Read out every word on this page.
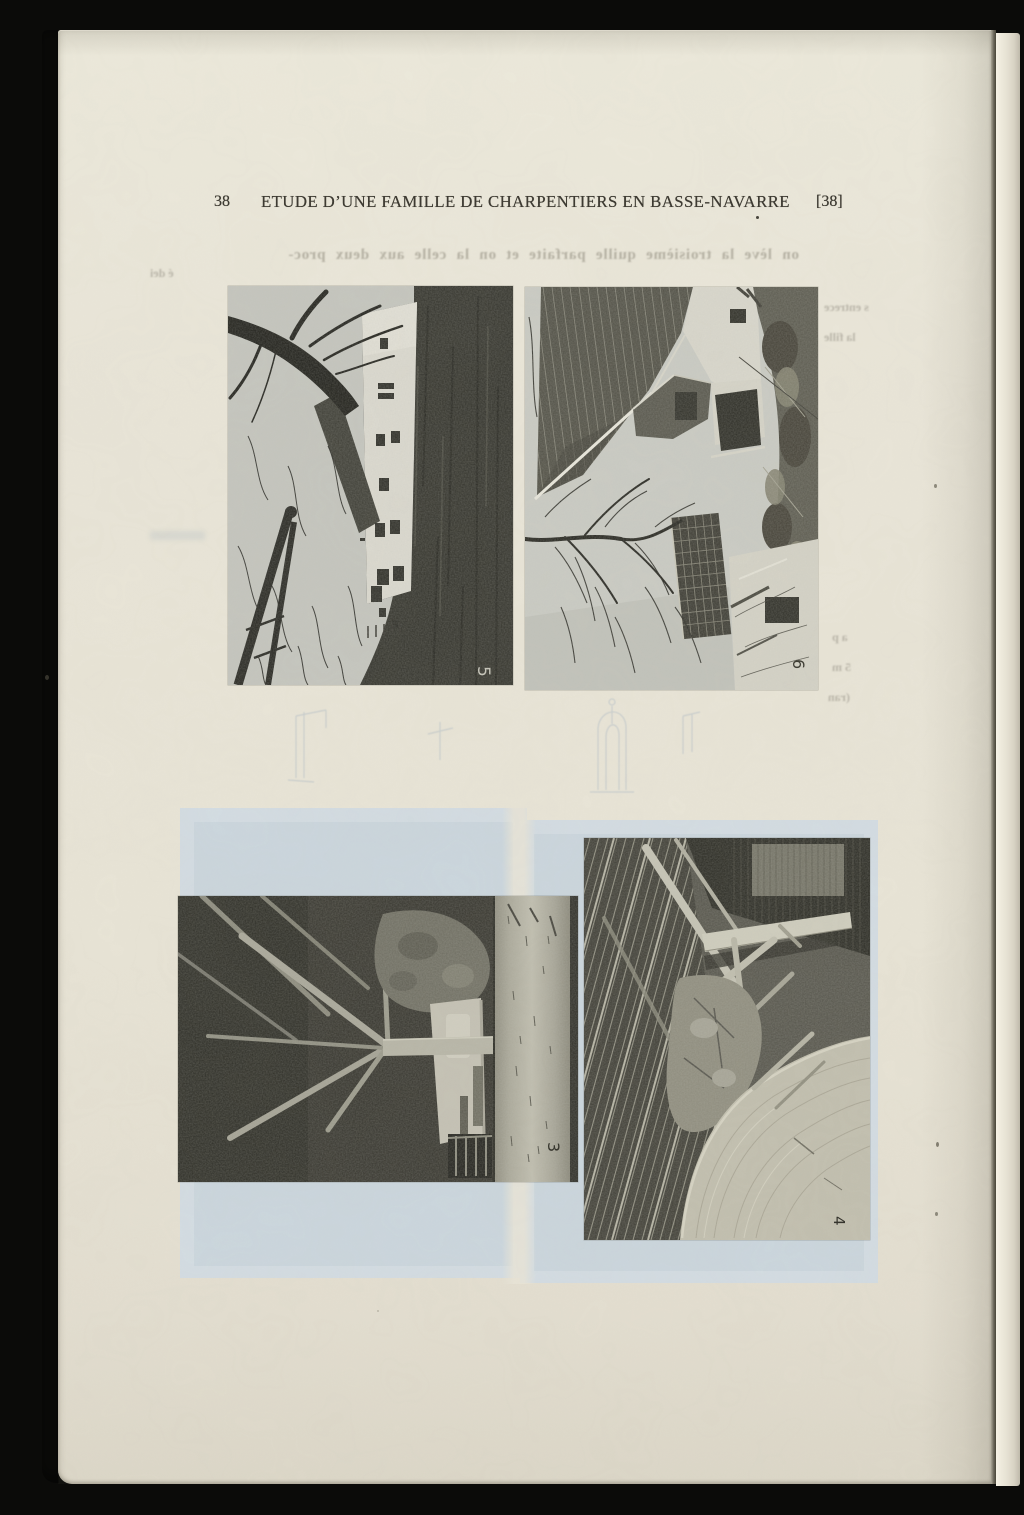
38 ETUDE D’UNE FAMILLE DE CHARPENTIERS EN BASSE-NAVARRE [38]
on lève la troisième quille parfaite et on la celle aux deux proc-
é dei
s entrece
la fille
a p
5 m
(ran
5
6
3
4
